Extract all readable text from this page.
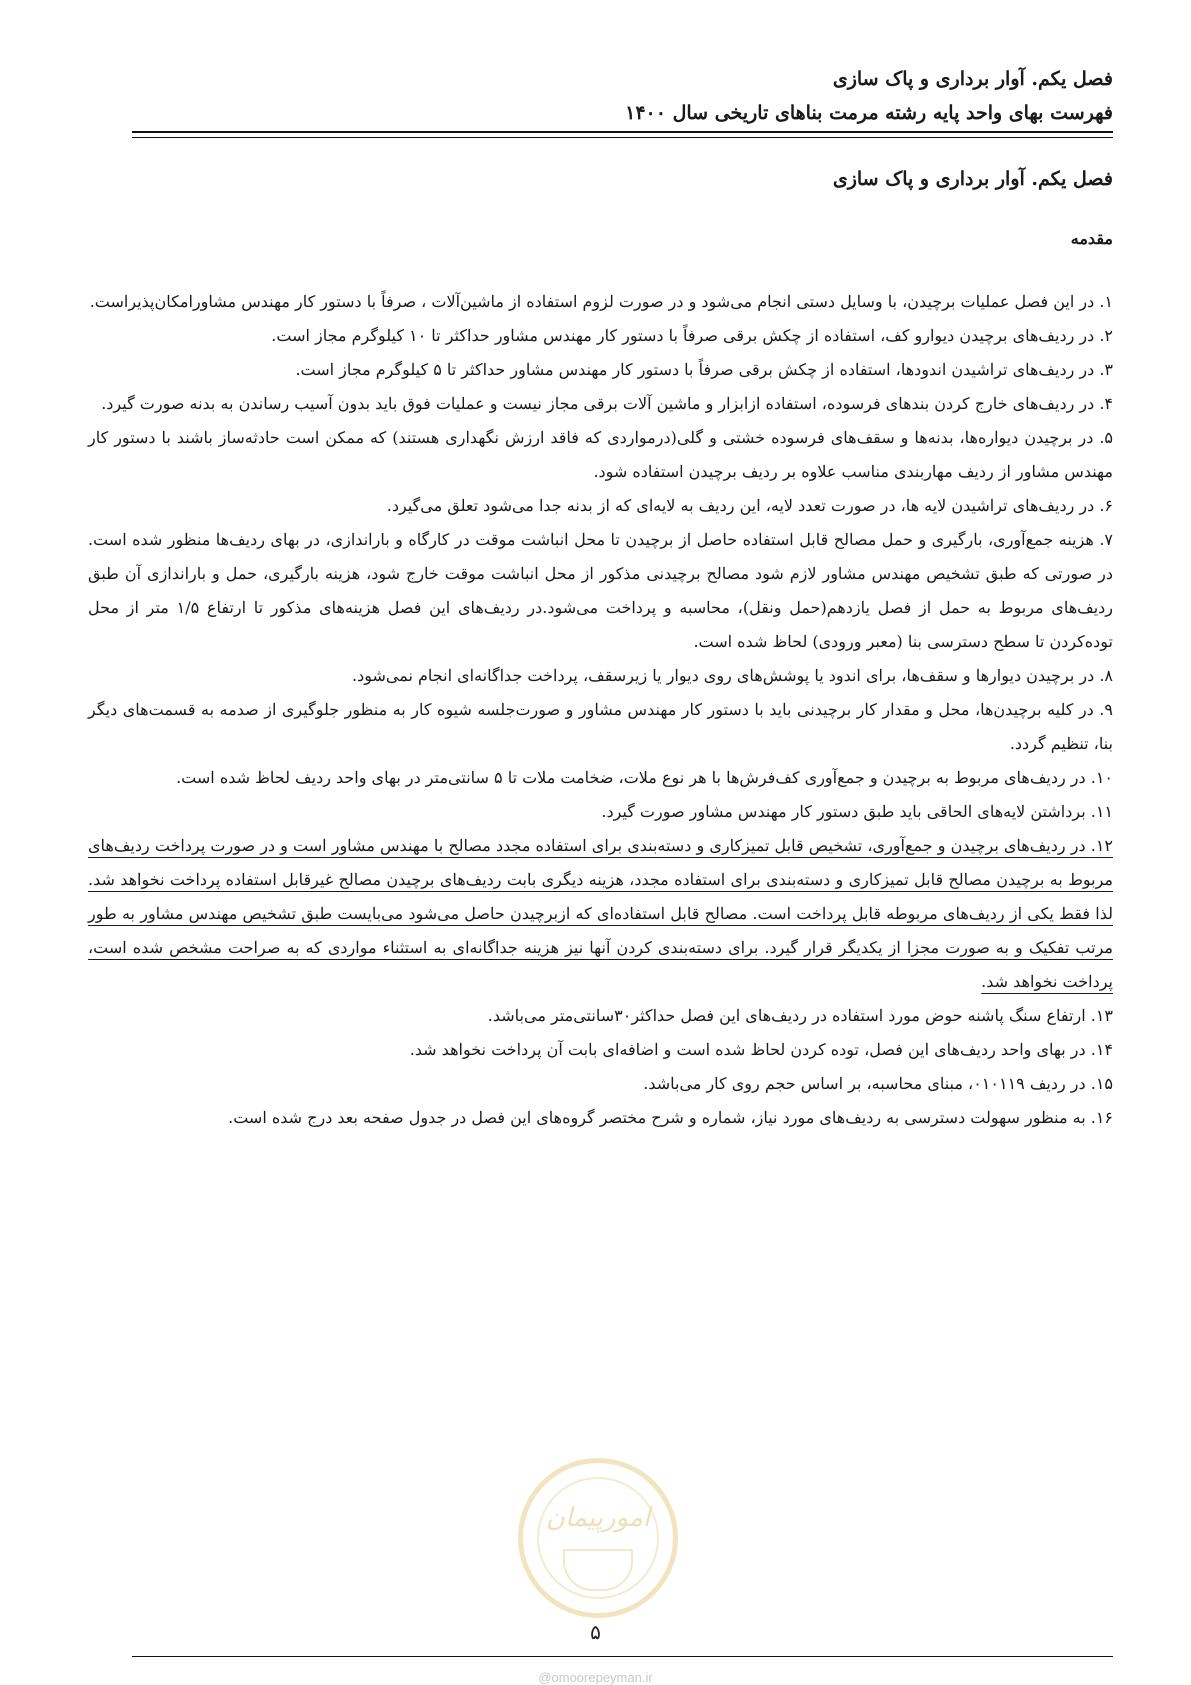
فصل یکم. آوار برداری و پاک سازی
فهرست بهای واحد پایه رشته مرمت بناهای تاریخی سال ۱۴۰۰
فصل یکم. آوار برداری و پاک سازی
مقدمه

۱. در این فصل عملیات برچیدن، با وسایل دستی انجام می‌شود و در صورت لزوم استفاده از ماشین‌آلات ، صرفاً با دستور کار مهندس مشاورامکان‌پذیراست.

۲. در ردیف‌های برچیدن دیوارو کف، استفاده از چکش برقی صرفاً با دستور کار مهندس مشاور حداکثر تا ۱۰ کیلوگرم مجاز است.

۳. در ردیف‌های تراشیدن اندودها، استفاده از چکش برقی صرفاً با دستور کار مهندس مشاور حداکثر تا ۵ کیلوگرم مجاز است.

۴. در ردیف‌های خارج کردن بندهای فرسوده، استفاده ازابزار و ماشین آلات برقی مجاز نیست و عملیات فوق باید بدون آسیب رساندن به بدنه صورت گیرد.

۵. در برچیدن دیواره‌ها، بدنه‌ها و سقف‌های فرسوده خشتی و گلی(درمواردی که فاقد ارزش نگهداری هستند) که ممکن است حادثه‌ساز باشند با دستور کار مهندس مشاور از ردیف مهاربندی مناسب علاوه بر ردیف برچیدن استفاده شود.

۶. در ردیف‌های تراشیدن لایه ها، در صورت تعدد لایه، این ردیف به لایه‌ای که از بدنه جدا می‌شود تعلق می‌گیرد.

۷. هزینه جمع‌آوری، بارگیری و حمل مصالح قابل استفاده حاصل از برچیدن تا محل انباشت موقت در کارگاه و باراندازی، در بهای ردیف‌ها منظور شده است. در صورتی که طبق تشخیص مهندس مشاور لازم شود مصالح برچیدنی مذکور از محل انباشت موقت خارج شود، هزینه بارگیری، حمل و باراندازی آن طبق ردیف‌های مربوط به حمل از فصل یازدهم(حمل ونقل)، محاسبه و پرداخت می‌شود.در ردیف‌های این فصل هزینه‌های مذکور تا ارتفاع ۱/۵ متر از محل توده‌کردن تا سطح دسترسی بنا (معبر ورودی) لحاظ شده است.

۸. در برچیدن دیوارها و سقف‌ها، برای اندود یا پوشش‌های روی دیوار یا زیرسقف، پرداخت جداگانه‌ای انجام نمی‌شود.

۹. در کلیه برچیدن‌ها، محل و مقدار کار برچیدنی باید با دستور کار مهندس مشاور و صورت‌جلسه شیوه کار به منظور جلوگیری از صدمه به قسمت‌های دیگر بنا، تنظیم گردد.

۱۰. در ردیف‌های مربوط به برچیدن و جمع‌آوری کف‌فرش‌ها با هر نوع ملات، ضخامت ملات تا ۵ سانتی‌متر در بهای واحد ردیف لحاظ شده است.

۱۱. برداشتن لایه‌های الحاقی باید طبق دستور کار مهندس مشاور صورت گیرد.

۱۲. در ردیف‌های برچیدن و جمع‌آوری، تشخیص قابل تمیزکاری و دسته‌بندی برای استفاده مجدد مصالح با مهندس مشاور است و در صورت پرداخت ردیف‌های مربوط به برچیدن مصالح قابل تمیزکاری و دسته‌بندی برای استفاده مجدد، هزینه دیگری بابت ردیف‌های برچیدن مصالح غیرقابل استفاده پرداخت نخواهد شد. لذا فقط یکی از ردیف‌های مربوطه قابل پرداخت است. مصالح قابل استفاده‌ای که ازبرچیدن حاصل می‌شود می‌بایست طبق تشخیص مهندس مشاور به طور مرتب تفکیک و به صورت مجزا از یکدیگر قرار گیرد. برای دسته‌بندی کردن آنها نیز هزینه جداگانه‌ای به استثناء مواردی که به صراحت مشخص شده است، پرداخت نخواهد شد.

۱۳. ارتفاع سنگ پاشنه حوض مورد استفاده در ردیف‌های این فصل حداکثر۳۰سانتی‌متر می‌باشد.

۱۴. در بهای واحد ردیف‌های این فصل، توده کردن لحاظ شده است و اضافه‌ای بابت آن پرداخت نخواهد شد.

۱۵. در ردیف ۰۱۰۱۱۹، مبنای محاسبه، بر اساس حجم روی کار می‌باشد.

۱۶. به منظور سهولت دسترسی به ردیف‌های مورد نیاز، شماره و شرح مختصر گروه‌های این فصل در جدول صفحه بعد درج شده است.

امورپیمان
۵
@omoorepeyman.ir
